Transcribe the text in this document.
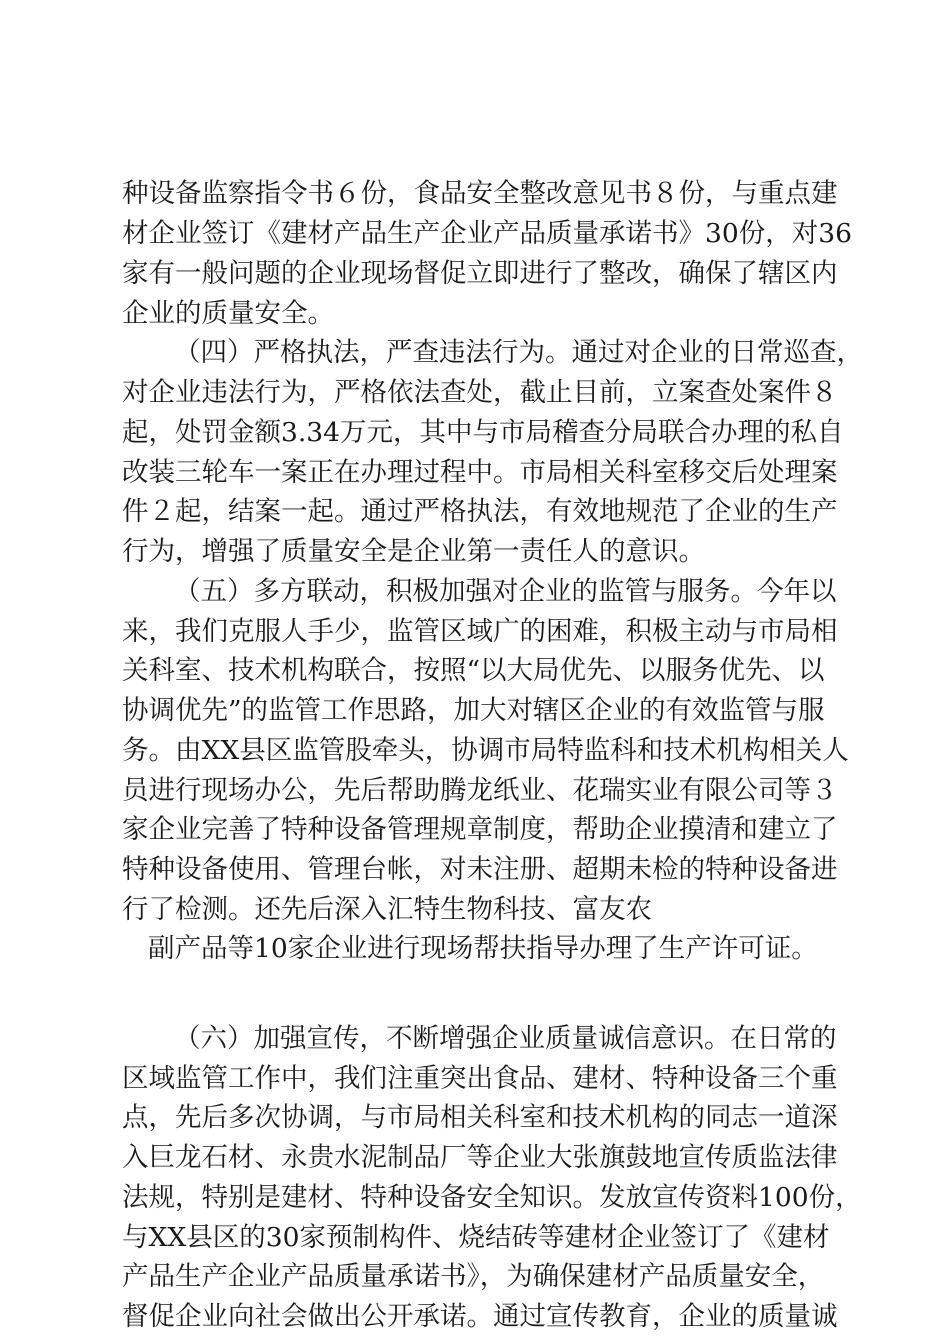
种设备监察指令书６份，食品安全整改意见书８份，与重点建
材企业签订《建材产品生产企业产品质量承诺书》30份，对36
家有一般问题的企业现场督促立即进行了整改，确保了辖区内
企业的质量安全。
（四）严格执法，严查违法行为。通过对企业的日常巡查，
对企业违法行为，严格依法查处，截止目前，立案查处案件８
起，处罚金额3.34万元，其中与市局稽查分局联合办理的私自
改装三轮车一案正在办理过程中。市局相关科室移交后处理案
件２起，结案一起。通过严格执法，有效地规范了企业的生产
行为，增强了质量安全是企业第一责任人的意识。
（五）多方联动，积极加强对企业的监管与服务。今年以
来，我们克服人手少，监管区域广的困难，积极主动与市局相
关科室、技术机构联合，按照“以大局优先、以服务优先、以
协调优先”的监管工作思路，加大对辖区企业的有效监管与服
务。由XX县区监管股牵头，协调市局特监科和技术机构相关人
员进行现场办公，先后帮助腾龙纸业、花瑞实业有限公司等３
家企业完善了特种设备管理规章制度，帮助企业摸清和建立了
特种设备使用、管理台帐，对未注册、超期未检的特种设备进
行了检测。还先后深入汇特生物科技、富友农
副产品等10家企业进行现场帮扶指导办理了生产许可证。
（六）加强宣传，不断增强企业质量诚信意识。在日常的
区域监管工作中，我们注重突出食品、建材、特种设备三个重
点，先后多次协调，与市局相关科室和技术机构的同志一道深
入巨龙石材、永贵水泥制品厂等企业大张旗鼓地宣传质监法律
法规，特别是建材、特种设备安全知识。发放宣传资料100份，
与XX县区的30家预制构件、烧结砖等建材企业签订了《建材
产品生产企业产品质量承诺书》，为确保建材产品质量安全，
督促企业向社会做出公开承诺。通过宣传教育，企业的质量诚
